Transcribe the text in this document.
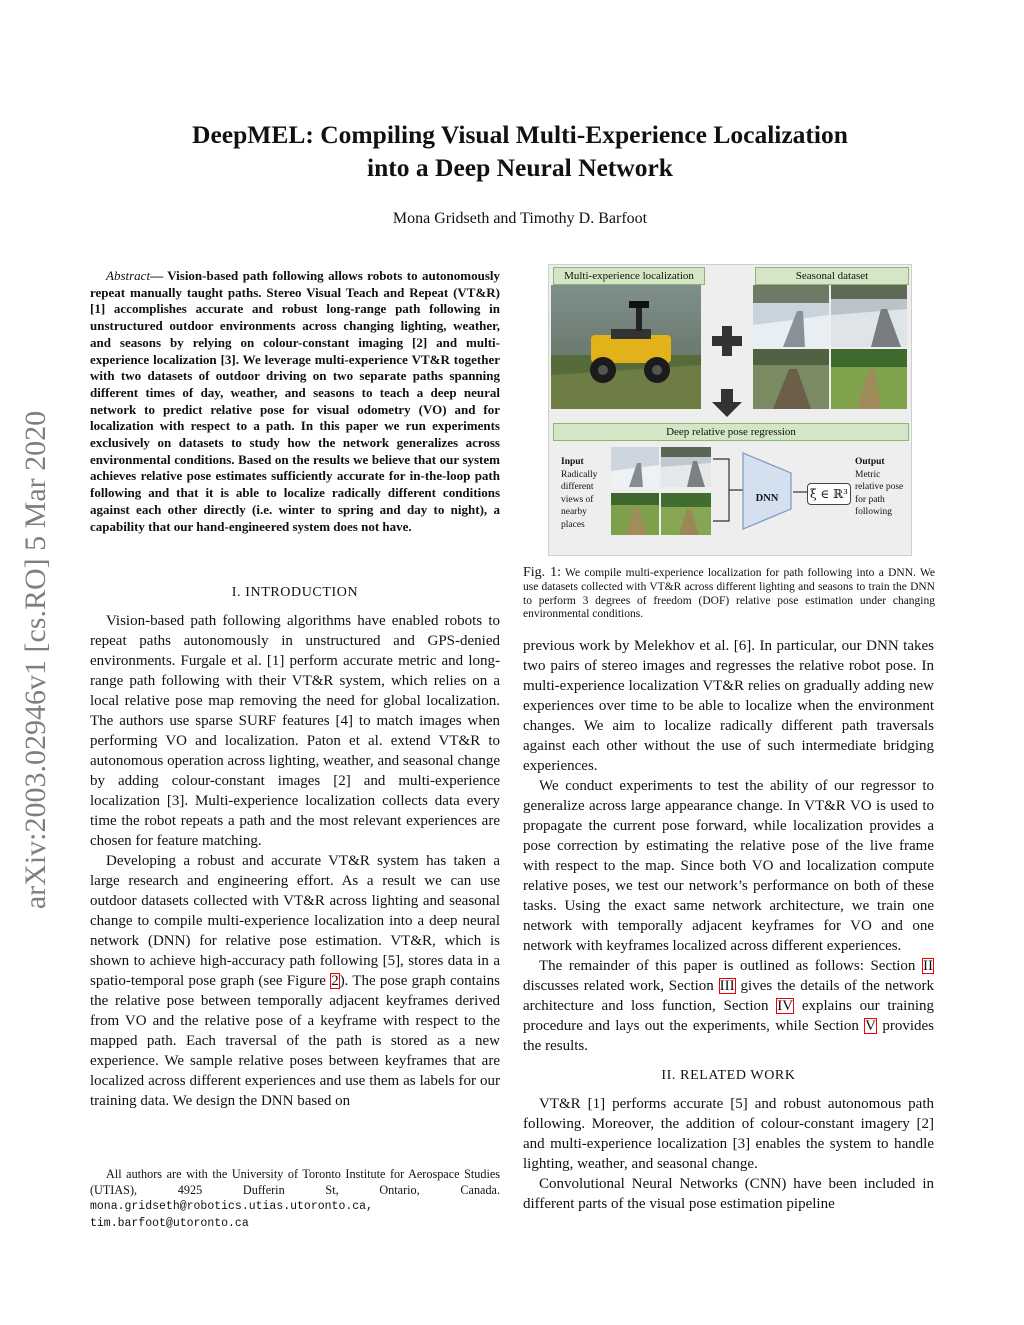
arXiv:2003.02946v1 [cs.RO] 5 Mar 2020
DeepMEL: Compiling Visual Multi-Experience Localization
into a Deep Neural Network
Mona Gridseth and Timothy D. Barfoot

Abstract— Vision-based path following allows robots to autonomously repeat manually taught paths. Stereo Visual Teach and Repeat (VT&R) [1] accomplishes accurate and robust long-range path following in unstructured outdoor environments across changing lighting, weather, and seasons by relying on colour-constant imaging [2] and multi-experience localization [3]. We leverage multi-experience VT&R together with two datasets of outdoor driving on two separate paths spanning different times of day, weather, and seasons to teach a deep neural network to predict relative pose for visual odometry (VO) and for localization with respect to a path. In this paper we run experiments exclusively on datasets to study how the network generalizes across environmental conditions. Based on the results we believe that our system achieves relative pose estimates sufficiently accurate for in-the-loop path following and that it is able to localize radically different conditions against each other directly (i.e. winter to spring and day to night), a capability that our hand-engineered system does not have.

I. INTRODUCTION

Vision-based path following algorithms have enabled robots to repeat paths autonomously in unstructured and GPS-denied environments. Furgale et al. [1] perform accurate metric and long-range path following with their VT&R system, which relies on a local relative pose map removing the need for global localization. The authors use sparse SURF features [4] to match images when performing VO and localization. Paton et al. extend VT&R to autonomous operation across lighting, weather, and seasonal change by adding colour-constant images [2] and multi-experience localization [3]. Multi-experience localization collects data every time the robot repeats a path and the most relevant experiences are chosen for feature matching.

Developing a robust and accurate VT&R system has taken a large research and engineering effort. As a result we can use outdoor datasets collected with VT&R across lighting and seasonal change to compile multi-experience localization into a deep neural network (DNN) for relative pose estimation. VT&R, which is shown to achieve high-accuracy path following [5], stores data in a spatio-temporal pose graph (see Figure 2). The pose graph contains the relative pose between temporally adjacent keyframes derived from VO and the relative pose of a keyframe with respect to the mapped path. Each traversal of the path is stored as a new experience. We sample relative poses between keyframes that are localized across different experiences and use them as labels for our training data. We design the DNN based on

All authors are with the University of Toronto Institute for Aerospace Studies (UTIAS), 4925 Dufferin St, Ontario, Canada. mona.gridseth@robotics.utias.utoronto.ca, tim.barfoot@utoronto.ca

Multi-experience localization	Seasonal dataset
Deep relative pose regression
Input
Radically different views of nearby places
DNN	ξ ∈ ℝ³
Output
Metric relative pose for path following

Fig. 1: We compile multi-experience localization for path following into a DNN. We use datasets collected with VT&R across different lighting and seasons to train the DNN to perform 3 degrees of freedom (DOF) relative pose estimation under changing environmental conditions.

previous work by Melekhov et al. [6]. In particular, our DNN takes two pairs of stereo images and regresses the relative robot pose. In multi-experience localization VT&R relies on gradually adding new experiences over time to be able to localize when the environment changes. We aim to localize radically different path traversals against each other without the use of such intermediate bridging experiences.

We conduct experiments to test the ability of our regressor to generalize across large appearance change. In VT&R VO is used to propagate the current pose forward, while localization provides a pose correction by estimating the relative pose of the live frame with respect to the map. Since both VO and localization compute relative poses, we test our network’s performance on both of these tasks. Using the exact same network architecture, we train one network with temporally adjacent keyframes for VO and one network with keyframes localized across different experiences.

The remainder of this paper is outlined as follows: Section II discusses related work, Section III gives the details of the network architecture and loss function, Section IV explains our training procedure and lays out the experiments, while Section V provides the results.

II. RELATED WORK

VT&R [1] performs accurate [5] and robust autonomous path following. Moreover, the addition of colour-constant imagery [2] and multi-experience localization [3] enables the system to handle lighting, weather, and seasonal change.

Convolutional Neural Networks (CNN) have been included in different parts of the visual pose estimation pipeline
